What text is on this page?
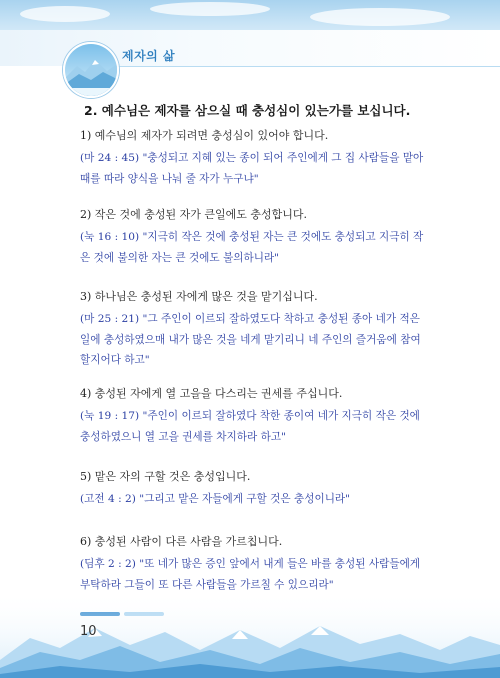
제자의 삶
2. 예수님은 제자를 삼으실 때 충성심이 있는가를 보십니다.
1) 예수님의 제자가 되려면 충성심이 있어야 합니다.
(마 24 : 45) "충성되고 지혜 있는 종이 되어 주인에게 그 집 사람들을 맡아 때를 따라 양식을 나눠 줄 자가 누구냐"
2) 작은 것에 충성된 자가 큰일에도 충성합니다.
(눅 16 : 10) "지극히 작은 것에 충성된 자는 큰 것에도 충성되고 지극히 작은 것에 불의한 자는 큰 것에도 불의하니라"
3) 하나님은 충성된 자에게 많은 것을 맡기십니다.
(마 25 : 21) "그 주인이 이르되 잘하였도다 착하고 충성된 종아 네가 적은 일에 충성하였으매 내가 많은 것을 네게 맡기리니 네 주인의 즐거움에 참여할지어다 하고"
4) 충성된 자에게 열 고을을 다스리는 권세를 주십니다.
(눅 19 : 17) "주인이 이르되 잘하였다 착한 종이여 네가 지극히 작은 것에 충성하였으니 열 고을 권세를 차지하라 하고"
5) 맡은 자의 구할 것은 충성입니다.
(고전 4 : 2) "그리고 맡은 자들에게 구할 것은 충성이니라"
6) 충성된 사람이 다른 사람을 가르칩니다.
(딤후 2 : 2) "또 네가 많은 증인 앞에서 내게 들은 바를 충성된 사람들에게 부탁하라 그들이 또 다른 사람들을 가르칠 수 있으리라"
10
